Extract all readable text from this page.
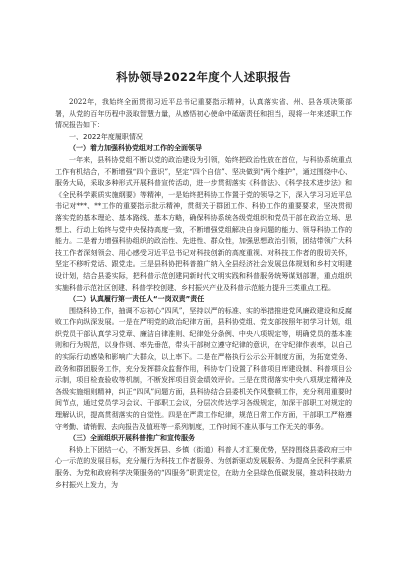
科协领导2022年度个人述职报告

2022年，我始终全面贯彻习近平总书记重要指示精神，认真落实省、州、县各项决策部署，从党的百年历程中汲取智慧力量，从感悟初心使命中砥砺责任和担当，现将一年来述职工作情况报告如下：

一、2022年度履职情况

（一）着力加强科协党组对工作的全面领导

一年来，县科协党组不断以党的政治建设为引领，始终把政治性放在首位，与科协系统重点工作有机结合，不断增强“四个意识”，坚定“四个自信”、坚决做到“两个维护”，通过围绕中心、服务大局，采取多种形式开展科普宣传活动，进一步贯彻落实《科普法》、《科学技术进步法》和《全民科学素质实施纲要》等精神，一是始终把科协工作置于党的领导之下，深入学习习近平总书记对***、**工作的重要指示批示精神，贯彻关于群团工作、科协工作的重要要求，坚决贯彻落实党的基本理论、基本路线、基本方略，确保科协系统各级党组织和党员干部在政治立场、思想上、行动上始终与党中央保持高度一致，不断增强党组解决自身问题的能力、领导科协工作的能力。二是着力增强科协组织的政治性、先进性、群众性，加强思想政治引领，团结带领广大科技工作者深刻领会、用心感受习近平总书记对科技创新的高度重视、对科技工作者的殷切关怀，坚定不移听党话、跟党走。三是县科协把科普推广纳入全县经济社会发展总体规划和乡村文明建设计划，结合县委实际，把科普示范创建同新时代文明实践和科普服务统筹谋划部署，重点组织实施科普示范社区创建、科普学校创建、乡村振兴产业及科普示范能力提升三类重点工程。

（二）认真履行第一责任人“一岗双责”责任

围绕科协工作，抽调不忘初心“四风”，坚持以严的标准、实的举措推进党风廉政建设和反腐败工作向纵深发展。一是在严明党的政治纪律方面，县科协党组、党支部按照年初学习计划，组织党员干部认真学习党章、廉洁自律准则、纪律处分条例、中央八项规定等，明确党员的基本准则和行为规范，以身作则、率先垂范，带头干部树立遵守纪律的意识，在守纪律作表率，以自己的实际行动感染和影响广大群众，以上率下。二是在严格执行公示公开制度方面，为拓宽党务、政务和群团服务工作，充分发挥群众监督作用，科协专门设置了科普项目库建设制、科普项目公示制，项目检查验收等机制，不断发挥项目资金绩效评价。三是在贯彻落实中央八项规定精神及各级实施细则精神，纠正“四风”问题方面，县科协结合县委机关作风整顿工作，充分利用重要时间节点，通过党员学习会议、干部职工会议，分层次传达学习各级规定，加深干部职工对规定的理解认识，提高贯彻落实的自觉性。四是在严肃工作纪律，规范日常工作方面，干部职工严格遵守考勤、请销假、去向报告及值班等一系列制度，工作时间不准从事与工作无关的事务。

（三）全面组织开展科普推广和宣传服务

科协上下团结一心，不断发挥县、乡镇（街道）科普人才汇聚优势，坚持围绕县委政府三中心一示范的发展目标，充分履行为科技工作者服务、为创新驱动发展服务、为提高全民科学素质服务、为党和政府科学决策服务的“四服务”职责定位，在助力全县绿色低碳发展，推动科技助力乡村振兴上发力，为
